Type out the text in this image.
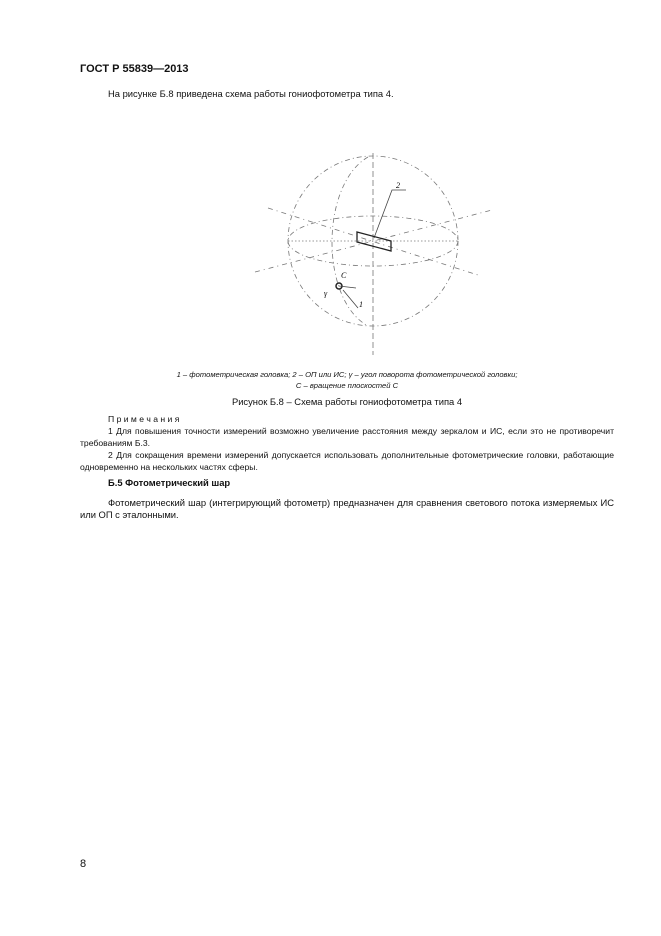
ГОСТ Р 55839—2013
На рисунке Б.8 приведена схема работы гониофотометра типа 4.
2
1
C
γ
1 – фотометрическая головка; 2 – ОП или ИС; γ – угол поворота фотометрической головки;
C – вращение плоскостей C
Рисунок Б.8 – Схема работы гониофотометра типа 4
П р и м е ч а н и я
1 Для повышения точности измерений возможно увеличение расстояния между зеркалом и ИС, если это не противоречит требованиям Б.3.
2 Для сокращения времени измерений допускается использовать дополнительные фотометрические головки, работающие одновременно на нескольких частях сферы.
Б.5 Фотометрический шар
Фотометрический шар (интегрирующий фотометр) предназначен для сравнения светового потока измеряемых ИС или ОП с эталонными.
8
